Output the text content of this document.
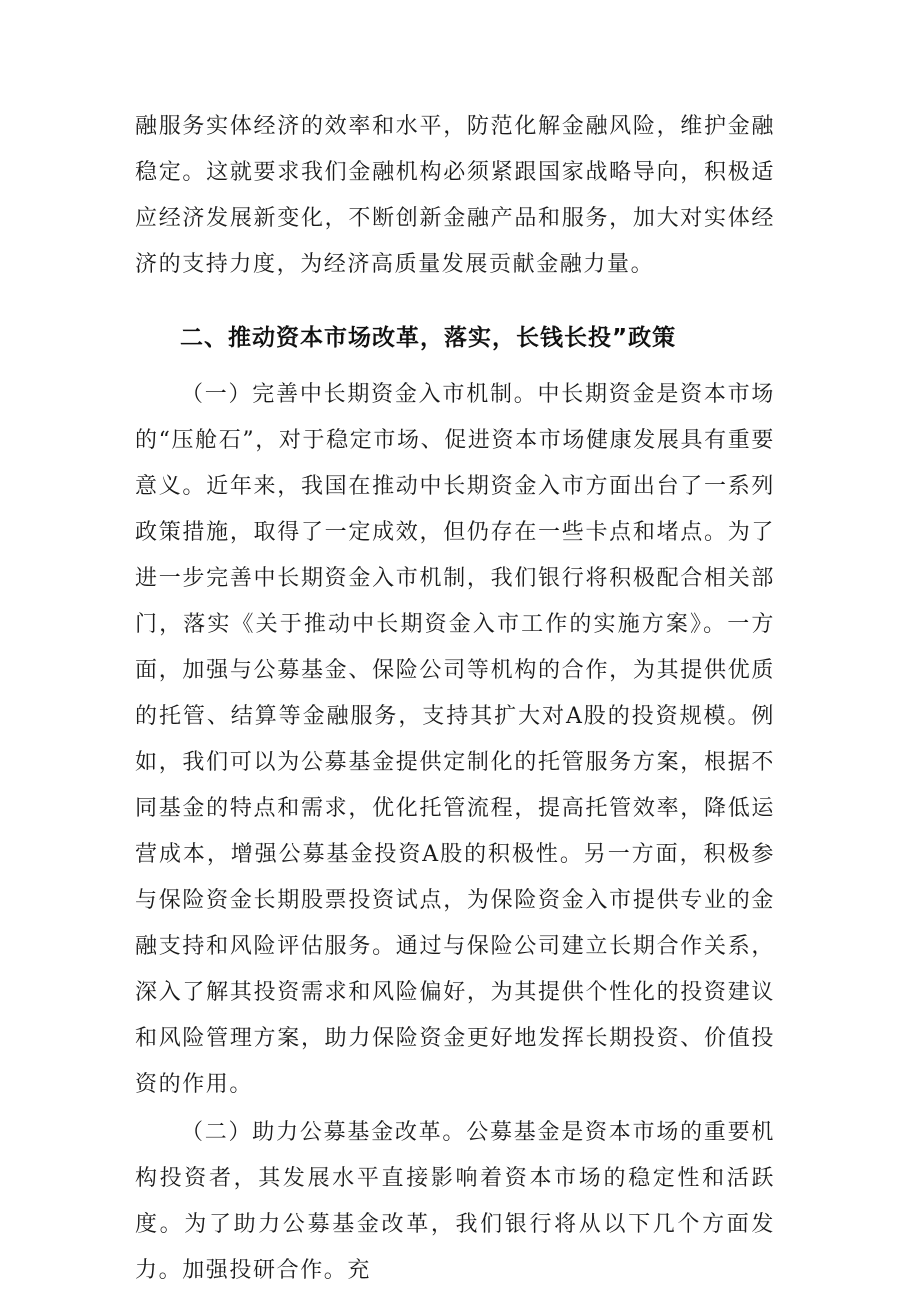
融服务实体经济的效率和水平，防范化解金融风险，维护金融稳定。这就要求我们金融机构必须紧跟国家战略导向，积极适应经济发展新变化，不断创新金融产品和服务，加大对实体经济的支持力度，为经济高质量发展贡献金融力量。

二、推动资本市场改革，落实，长钱长投”政策

（一）完善中长期资金入市机制。中长期资金是资本市场的“压舱石”，对于稳定市场、促进资本市场健康发展具有重要意义。近年来，我国在推动中长期资金入市方面出台了一系列政策措施，取得了一定成效，但仍存在一些卡点和堵点。为了进一步完善中长期资金入市机制，我们银行将积极配合相关部门，落实《关于推动中长期资金入市工作的实施方案》。一方面，加强与公募基金、保险公司等机构的合作，为其提供优质的托管、结算等金融服务，支持其扩大对A股的投资规模。例如，我们可以为公募基金提供定制化的托管服务方案，根据不同基金的特点和需求，优化托管流程，提高托管效率，降低运营成本，增强公募基金投资A股的积极性。另一方面，积极参与保险资金长期股票投资试点，为保险资金入市提供专业的金融支持和风险评估服务。通过与保险公司建立长期合作关系，深入了解其投资需求和风险偏好，为其提供个性化的投资建议和风险管理方案，助力保险资金更好地发挥长期投资、价值投资的作用。

（二）助力公募基金改革。公募基金是资本市场的重要机构投资者，其发展水平直接影响着资本市场的稳定性和活跃度。为了助力公募基金改革，我们银行将从以下几个方面发力。加强投研合作。充
